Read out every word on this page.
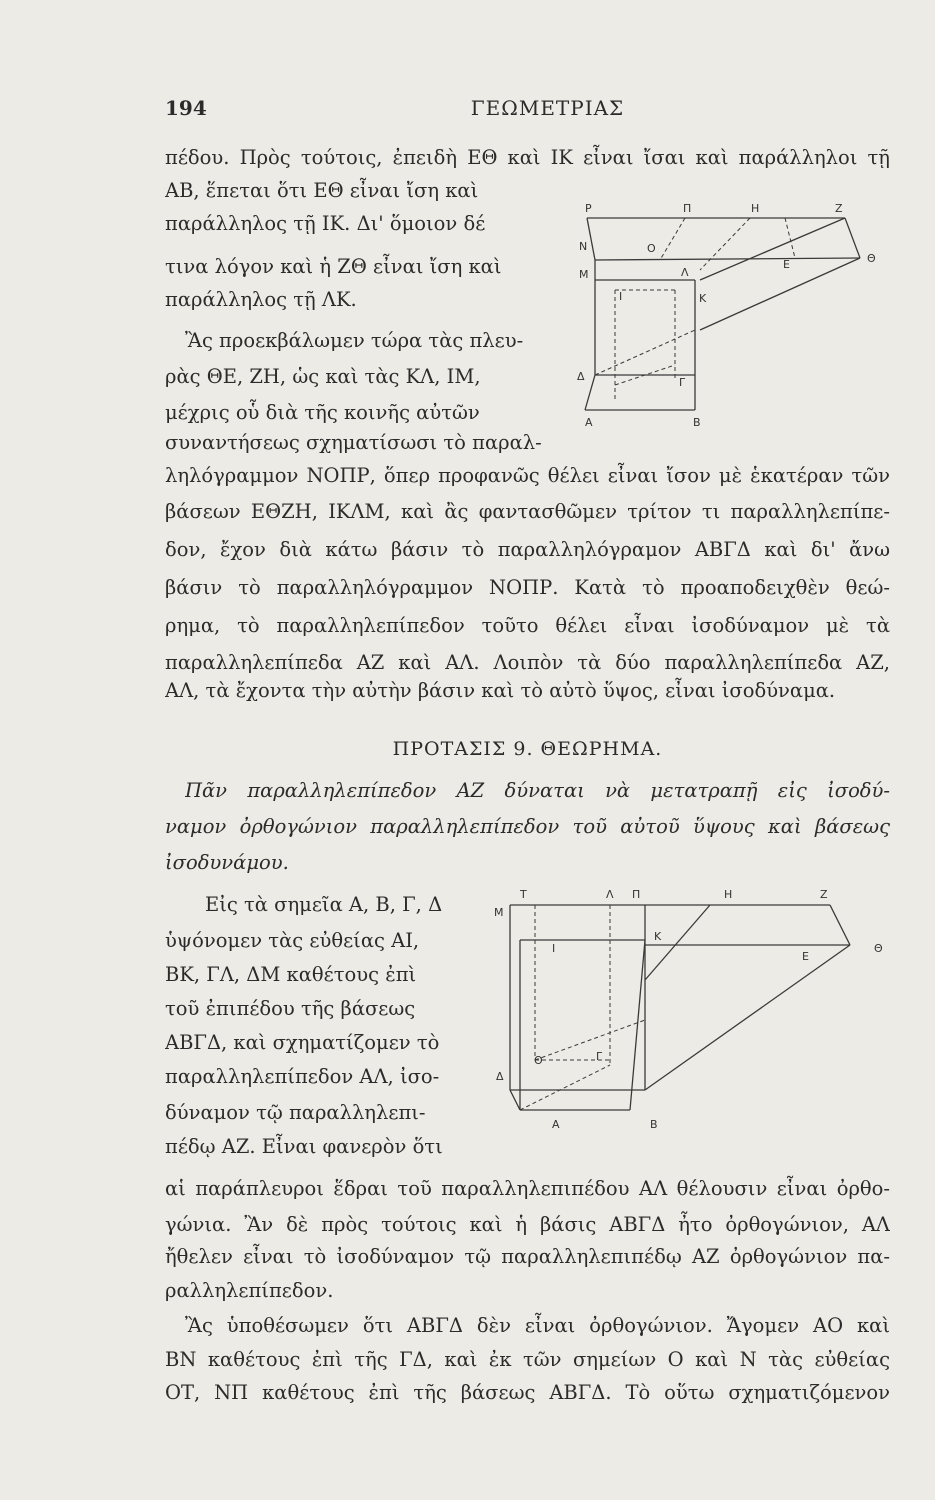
194	ΓΕΩΜΕΤΡΙΑΣ
πέδου. Πρὸς τούτοις, ἐπειδὴ ΕΘ καὶ ΙΚ εἶναι ἴσαι καὶ παράλληλοι τῇ
ΑΒ, ἕπεται ὅτι ΕΘ εἶναι ἴση καὶ
παράλληλος τῇ ΙΚ. Δι' ὅμοιον δέ
τινα λόγον καὶ ἡ ΖΘ εἶναι ἴση καὶ
παράλληλος τῇ ΛΚ.
Ἂς προεκβάλωμεν τώρα τὰς πλευ-
ρὰς ΘΕ, ΖΗ, ὡς καὶ τὰς ΚΛ, ΙΜ,
μέχρις οὗ διὰ τῆς κοινῆς αὐτῶν
συναντήσεως σχηματίσωσι τὸ παραλ-
ληλόγραμμον ΝΟΠΡ, ὅπερ προφανῶς θέλει εἶναι ἴσον μὲ ἑκατέραν τῶν
βάσεων ΕΘΖΗ, ΙΚΛΜ, καὶ ἂς φαντασθῶμεν τρίτον τι παραλληλεπίπε-
δον, ἔχον διὰ κάτω βάσιν τὸ παραλληλόγραμον ΑΒΓΔ καὶ δι' ἄνω
βάσιν τὸ παραλληλόγραμμον ΝΟΠΡ. Κατὰ τὸ προαποδειχθὲν θεώ-
ρημα, τὸ παραλληλεπίπεδον τοῦτο θέλει εἶναι ἰσοδύναμον μὲ τὰ
παραλληλεπίπεδα ΑΖ καὶ ΑΛ. Λοιπὸν τὰ δύο παραλληλεπίπεδα ΑΖ,
ΑΛ, τὰ ἔχοντα τὴν αὐτὴν βάσιν καὶ τὸ αὐτὸ ὕψος, εἶναι ἰσοδύναμα.
ΠΡΟΤΑΣΙΣ 9. ΘΕΩΡΗΜΑ.
Πᾶν παραλληλεπίπεδον ΑΖ δύναται νὰ μετατραπῇ εἰς ἰσοδύ-
ναμον ὀρθογώνιον παραλληλεπίπεδον τοῦ αὐτοῦ ὕψους καὶ βάσεως
ἰσοδυνάμου.
Εἰς τὰ σημεῖα Α, Β, Γ, Δ
ὑψόνομεν τὰς εὐθείας ΑΙ,
ΒΚ, ΓΛ, ΔΜ καθέτους ἐπὶ
τοῦ ἐπιπέδου τῆς βάσεως
ΑΒΓΔ, καὶ σχηματίζομεν τὸ
παραλληλεπίπεδον ΑΛ, ἰσο-
δύναμον τῷ παραλληλεπι-
πέδῳ ΑΖ. Εἶναι φανερὸν ὅτι
αἱ παράπλευροι ἕδραι τοῦ παραλληλεπιπέδου ΑΛ θέλουσιν εἶναι ὀρθο-
γώνια. Ἂν δὲ πρὸς τούτοις καὶ ἡ βάσις ΑΒΓΔ ἦτο ὀρθογώνιον, ΑΛ
ἤθελεν εἶναι τὸ ἰσοδύναμον τῷ παραλληλεπιπέδῳ ΑΖ ὀρθογώνιον πα-
ραλληλεπίπεδον.
Ἂς ὑποθέσωμεν ὅτι ΑΒΓΔ δὲν εἶναι ὀρθογώνιον. Ἄγομεν ΑΟ καὶ
ΒΝ καθέτους ἐπὶ τῆς ΓΔ, καὶ ἐκ τῶν σημείων Ο καὶ Ν τὰς εὐθείας
ΟΤ, ΝΠ καθέτους ἐπὶ τῆς βάσεως ΑΒΓΔ. Τὸ οὕτω σχηματιζόμενον
Ρ	Π	Η	Ζ
Ν	Ο
Θ
Ε
Λ
Μ
Ι	Κ
Δ	Γ
Α	Β
Τ	Λ Π	Η	Ζ
Μ
Θ
Ι
Κ
Ε
Ο	Γ
Δ
Α	Β
